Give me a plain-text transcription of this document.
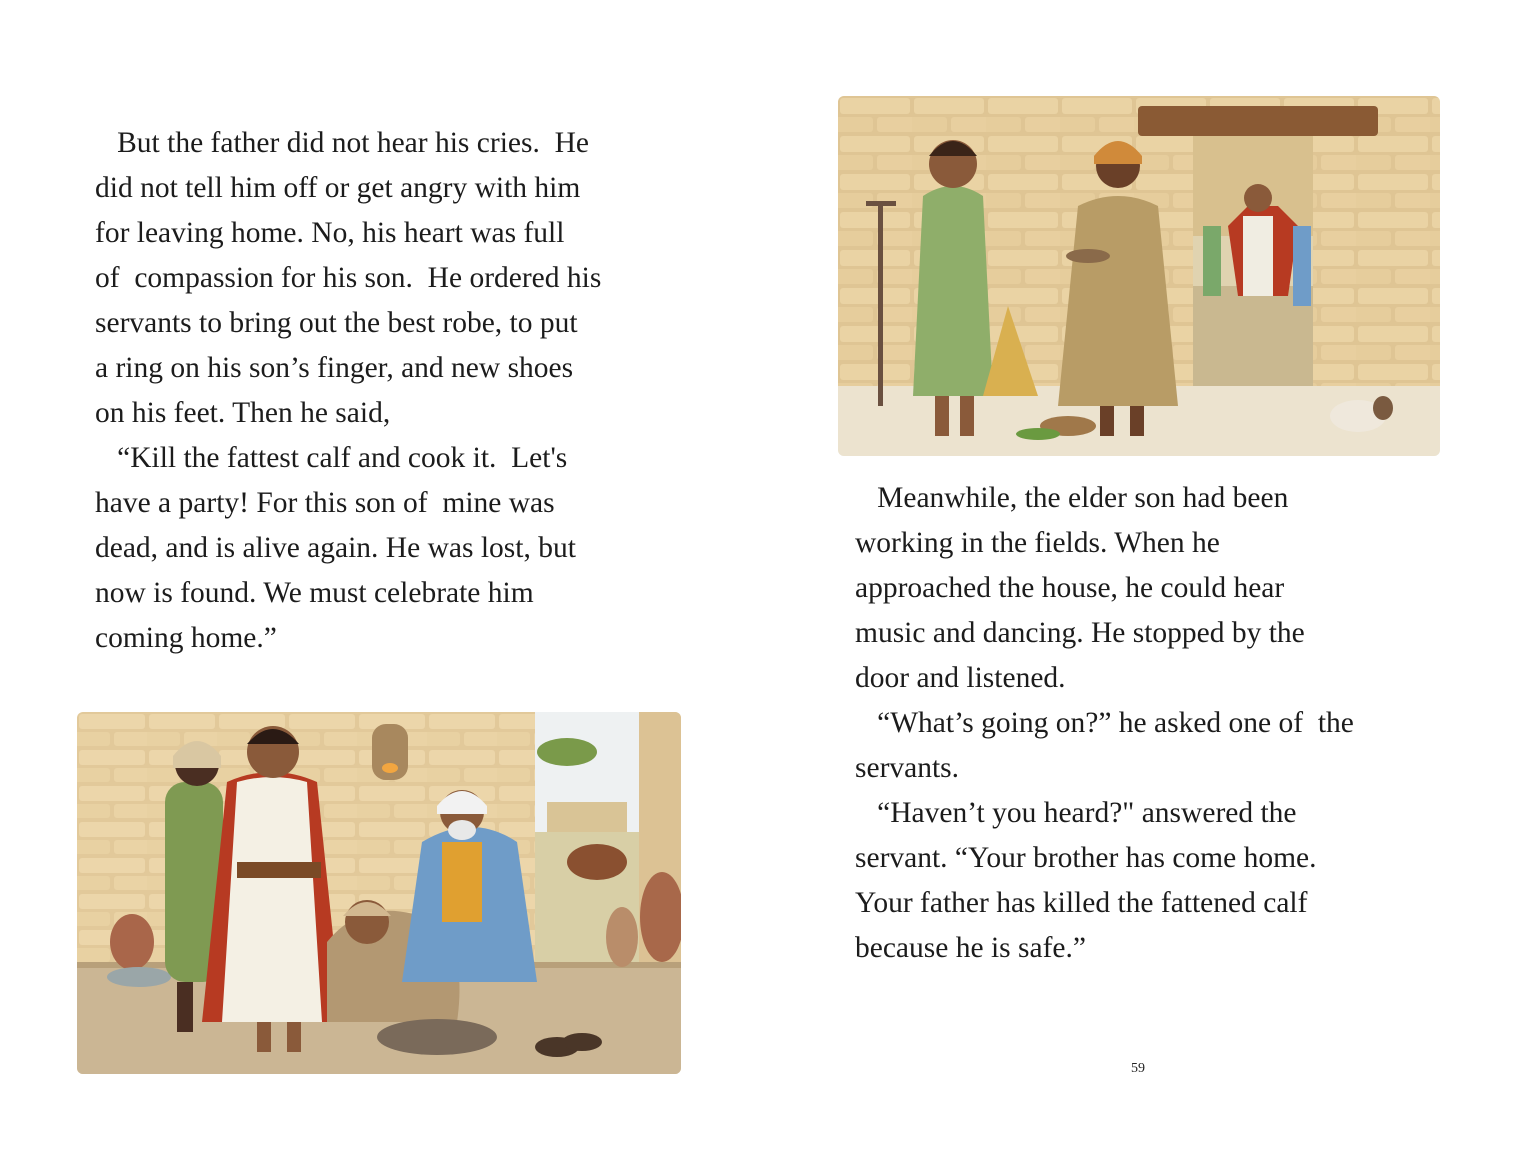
But the father did not hear his cries.  He
did not tell him off or get angry with him
for leaving home. No, his heart was full
of  compassion for his son.  He ordered his
servants to bring out the best robe, to put
a ring on his son’s finger, and new shoes
on his feet. Then he said,
“Kill the fattest calf and cook it.  Let's
have a party! For this son of  mine was
dead, and is alive again. He was lost, but
now is found. We must celebrate him
coming home.”
Meanwhile, the elder son had been
working in the fields. When he
approached the house, he could hear
music and dancing. He stopped by the
door and listened.
“What’s going on?” he asked one of  the
servants.
“Haven’t you heard?" answered the
servant. “Your brother has come home.
Your father has killed the fattened calf
because he is safe.”
59
